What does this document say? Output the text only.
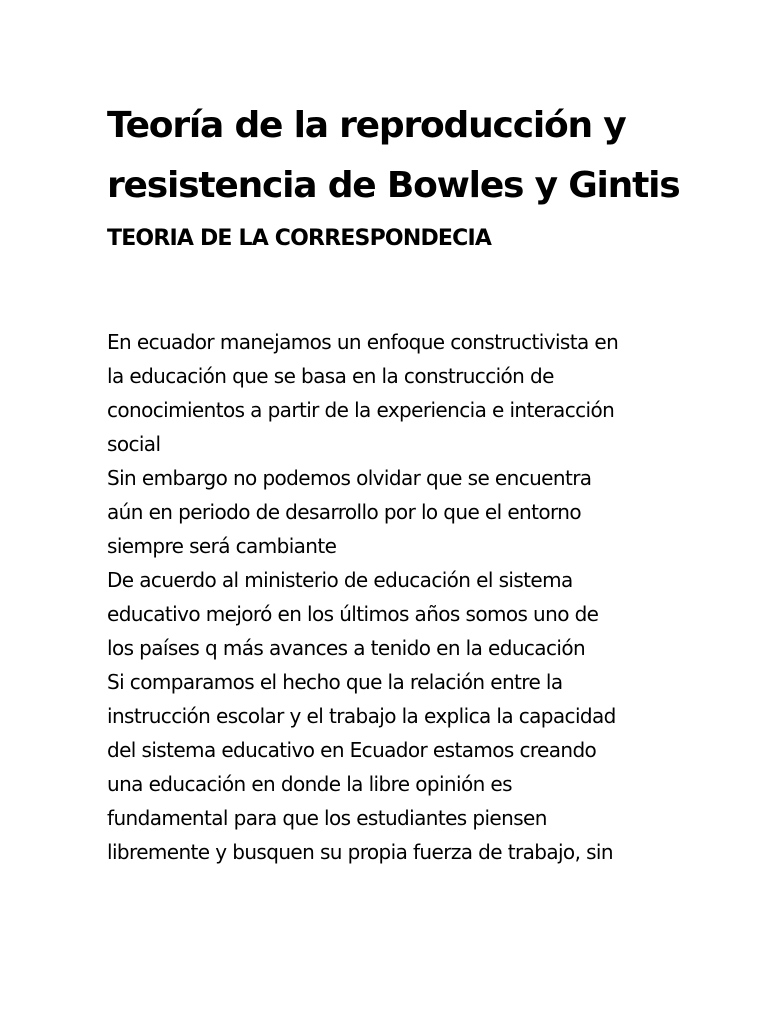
Teoría de la reproducción y
resistencia de Bowles y Gintis
TEORIA DE LA CORRESPONDECIA
En ecuador manejamos un enfoque constructivista en
la educación que se basa en la construcción de
conocimientos a partir de la experiencia e interacción
social
Sin embargo no podemos olvidar que se encuentra
aún en periodo de desarrollo por lo que el entorno
siempre será cambiante
De acuerdo al ministerio de educación el sistema
educativo mejoró en los últimos años somos uno de
los países q más avances a tenido en la educación
Si comparamos el hecho que la relación entre la
instrucción escolar y el trabajo la explica la capacidad
del sistema educativo en Ecuador estamos creando
una educación en donde la libre opinión es
fundamental para que los estudiantes piensen
libremente y busquen su propia fuerza de trabajo, sin
